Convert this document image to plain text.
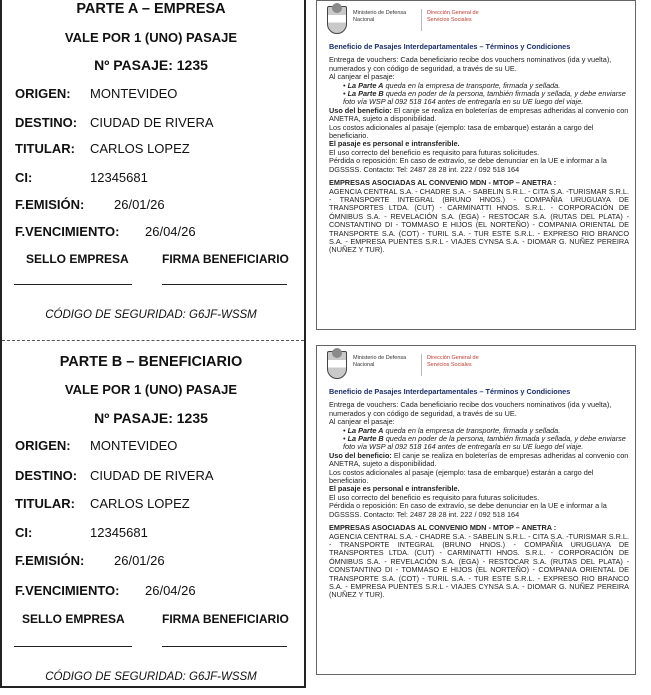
PARTE A – EMPRESA
VALE POR 1 (UNO) PASAJE
Nº PASAJE: 1235
ORIGEN: MONTEVIDEO
DESTINO: CIUDAD DE RIVERA
TITULAR: CARLOS LOPEZ
CI:	12345681
F.EMISIÓN: 26/01/26
F.VENCIMIENTO: 26/04/26
SELLO EMPRESA	FIRMA BENEFICIARIO
CÓDIGO DE SEGURIDAD: G6JF-WSSM
PARTE B – BENEFICIARIO
VALE POR 1 (UNO) PASAJE
Nº PASAJE: 1235
ORIGEN: MONTEVIDEO
DESTINO: CIUDAD DE RIVERA
TITULAR: CARLOS LOPEZ
CI:	12345681
F.EMISIÓN: 26/01/26
F.VENCIMIENTO: 26/04/26
SELLO EMPRESA	FIRMA BENEFICIARIO
CÓDIGO DE SEGURIDAD: G6JF-WSSM
Ministerio de Defensa Nacional
Dirección General de Servicios Sociales

Beneficio de Pasajes Interdepartamentales – Términos y Condiciones

Entrega de vouchers: Cada beneficiario recibe dos vouchers nominativos (ida y vuelta), numerados y con código de seguridad, a través de su UE.

Al canjear el pasaje:

• La Parte A queda en la empresa de transporte, firmada y sellada.

• La Parte B queda en poder de la persona, también firmada y sellada, y debe enviarse foto vía WSP al 092 518 164 antes de entregarla en su UE luego del viaje.

Uso del beneficio: El canje se realiza en boleterías de empresas adheridas al convenio con ANETRA, sujeto a disponibilidad.

Los costos adicionales al pasaje (ejemplo: tasa de embarque) estarán a cargo del beneficiario.

El pasaje es personal e intransferible.

El uso correcto del beneficio es requisito para futuras solicitudes.

Pérdida o reposición: En caso de extravío, se debe denunciar en la UE e informar a la DGSSSS. Contacto: Tel: 2487 28 28 int. 222 / 092 518 164

EMPRESAS ASOCIADAS AL CONVENIO MDN - MTOP – ANETRA :

AGENCIA CENTRAL S.A. - CHADRE S.A. - SABELIN S.R.L. - CITA S.A. -TURISMAR S.R.L. - TRANSPORTE INTEGRAL (BRUNO HNOS.) - COMPAÑIA URUGUAYA DE TRANSPORTES LTDA. (CUT) - CARMINATTI HNOS. S.R.L. - CORPORACIÓN DE ÓMNIBUS S.A. - REVELACIÓN S.A. (EGA) - RESTOCAR S.A. (RUTAS DEL PLATA) - CONSTANTINO DI - TOMMASO E HIJOS (EL NORTEÑO) - COMPANIA ORIENTAL DE TRANSPORTE S.A. (COT) - TURIL S.A. - TUR ESTE S.R.L. - EXPRESO RIO BRANCO S.A. - EMPRESA PUENTES S.R.L - VIAJES CYNSA S.A. - DIOMAR G. NUÑEZ PEREIRA (NUÑEZ Y TUR).

Ministerio de Defensa Nacional
Dirección General de Servicios Sociales

Beneficio de Pasajes Interdepartamentales – Términos y Condiciones

Entrega de vouchers: Cada beneficiario recibe dos vouchers nominativos (ida y vuelta), numerados y con código de seguridad, a través de su UE.

Al canjear el pasaje:

• La Parte A queda en la empresa de transporte, firmada y sellada.

• La Parte B queda en poder de la persona, también firmada y sellada, y debe enviarse foto vía WSP al 092 518 164 antes de entregarla en su UE luego del viaje.

Uso del beneficio: El canje se realiza en boleterías de empresas adheridas al convenio con ANETRA, sujeto a disponibilidad.

Los costos adicionales al pasaje (ejemplo: tasa de embarque) estarán a cargo del beneficiario.

El pasaje es personal e intransferible.

El uso correcto del beneficio es requisito para futuras solicitudes.

Pérdida o reposición: En caso de extravío, se debe denunciar en la UE e informar a la DGSSSS. Contacto: Tel: 2487 28 28 int. 222 / 092 518 164

EMPRESAS ASOCIADAS AL CONVENIO MDN - MTOP – ANETRA :

AGENCIA CENTRAL S.A. - CHADRE S.A. - SABELIN S.R.L. - CITA S.A. -TURISMAR S.R.L. - TRANSPORTE INTEGRAL (BRUNO HNOS.) - COMPAÑIA URUGUAYA DE TRANSPORTES LTDA. (CUT) - CARMINATTI HNOS. S.R.L. - CORPORACIÓN DE ÓMNIBUS S.A. - REVELACIÓN S.A. (EGA) - RESTOCAR S.A. (RUTAS DEL PLATA) - CONSTANTINO DI - TOMMASO E HIJOS (EL NORTEÑO) - COMPANIA ORIENTAL DE TRANSPORTE S.A. (COT) - TURIL S.A. - TUR ESTE S.R.L. - EXPRESO RIO BRANCO S.A. - EMPRESA PUENTES S.R.L - VIAJES CYNSA S.A. - DIOMAR G. NUÑEZ PEREIRA (NUÑEZ Y TUR).
